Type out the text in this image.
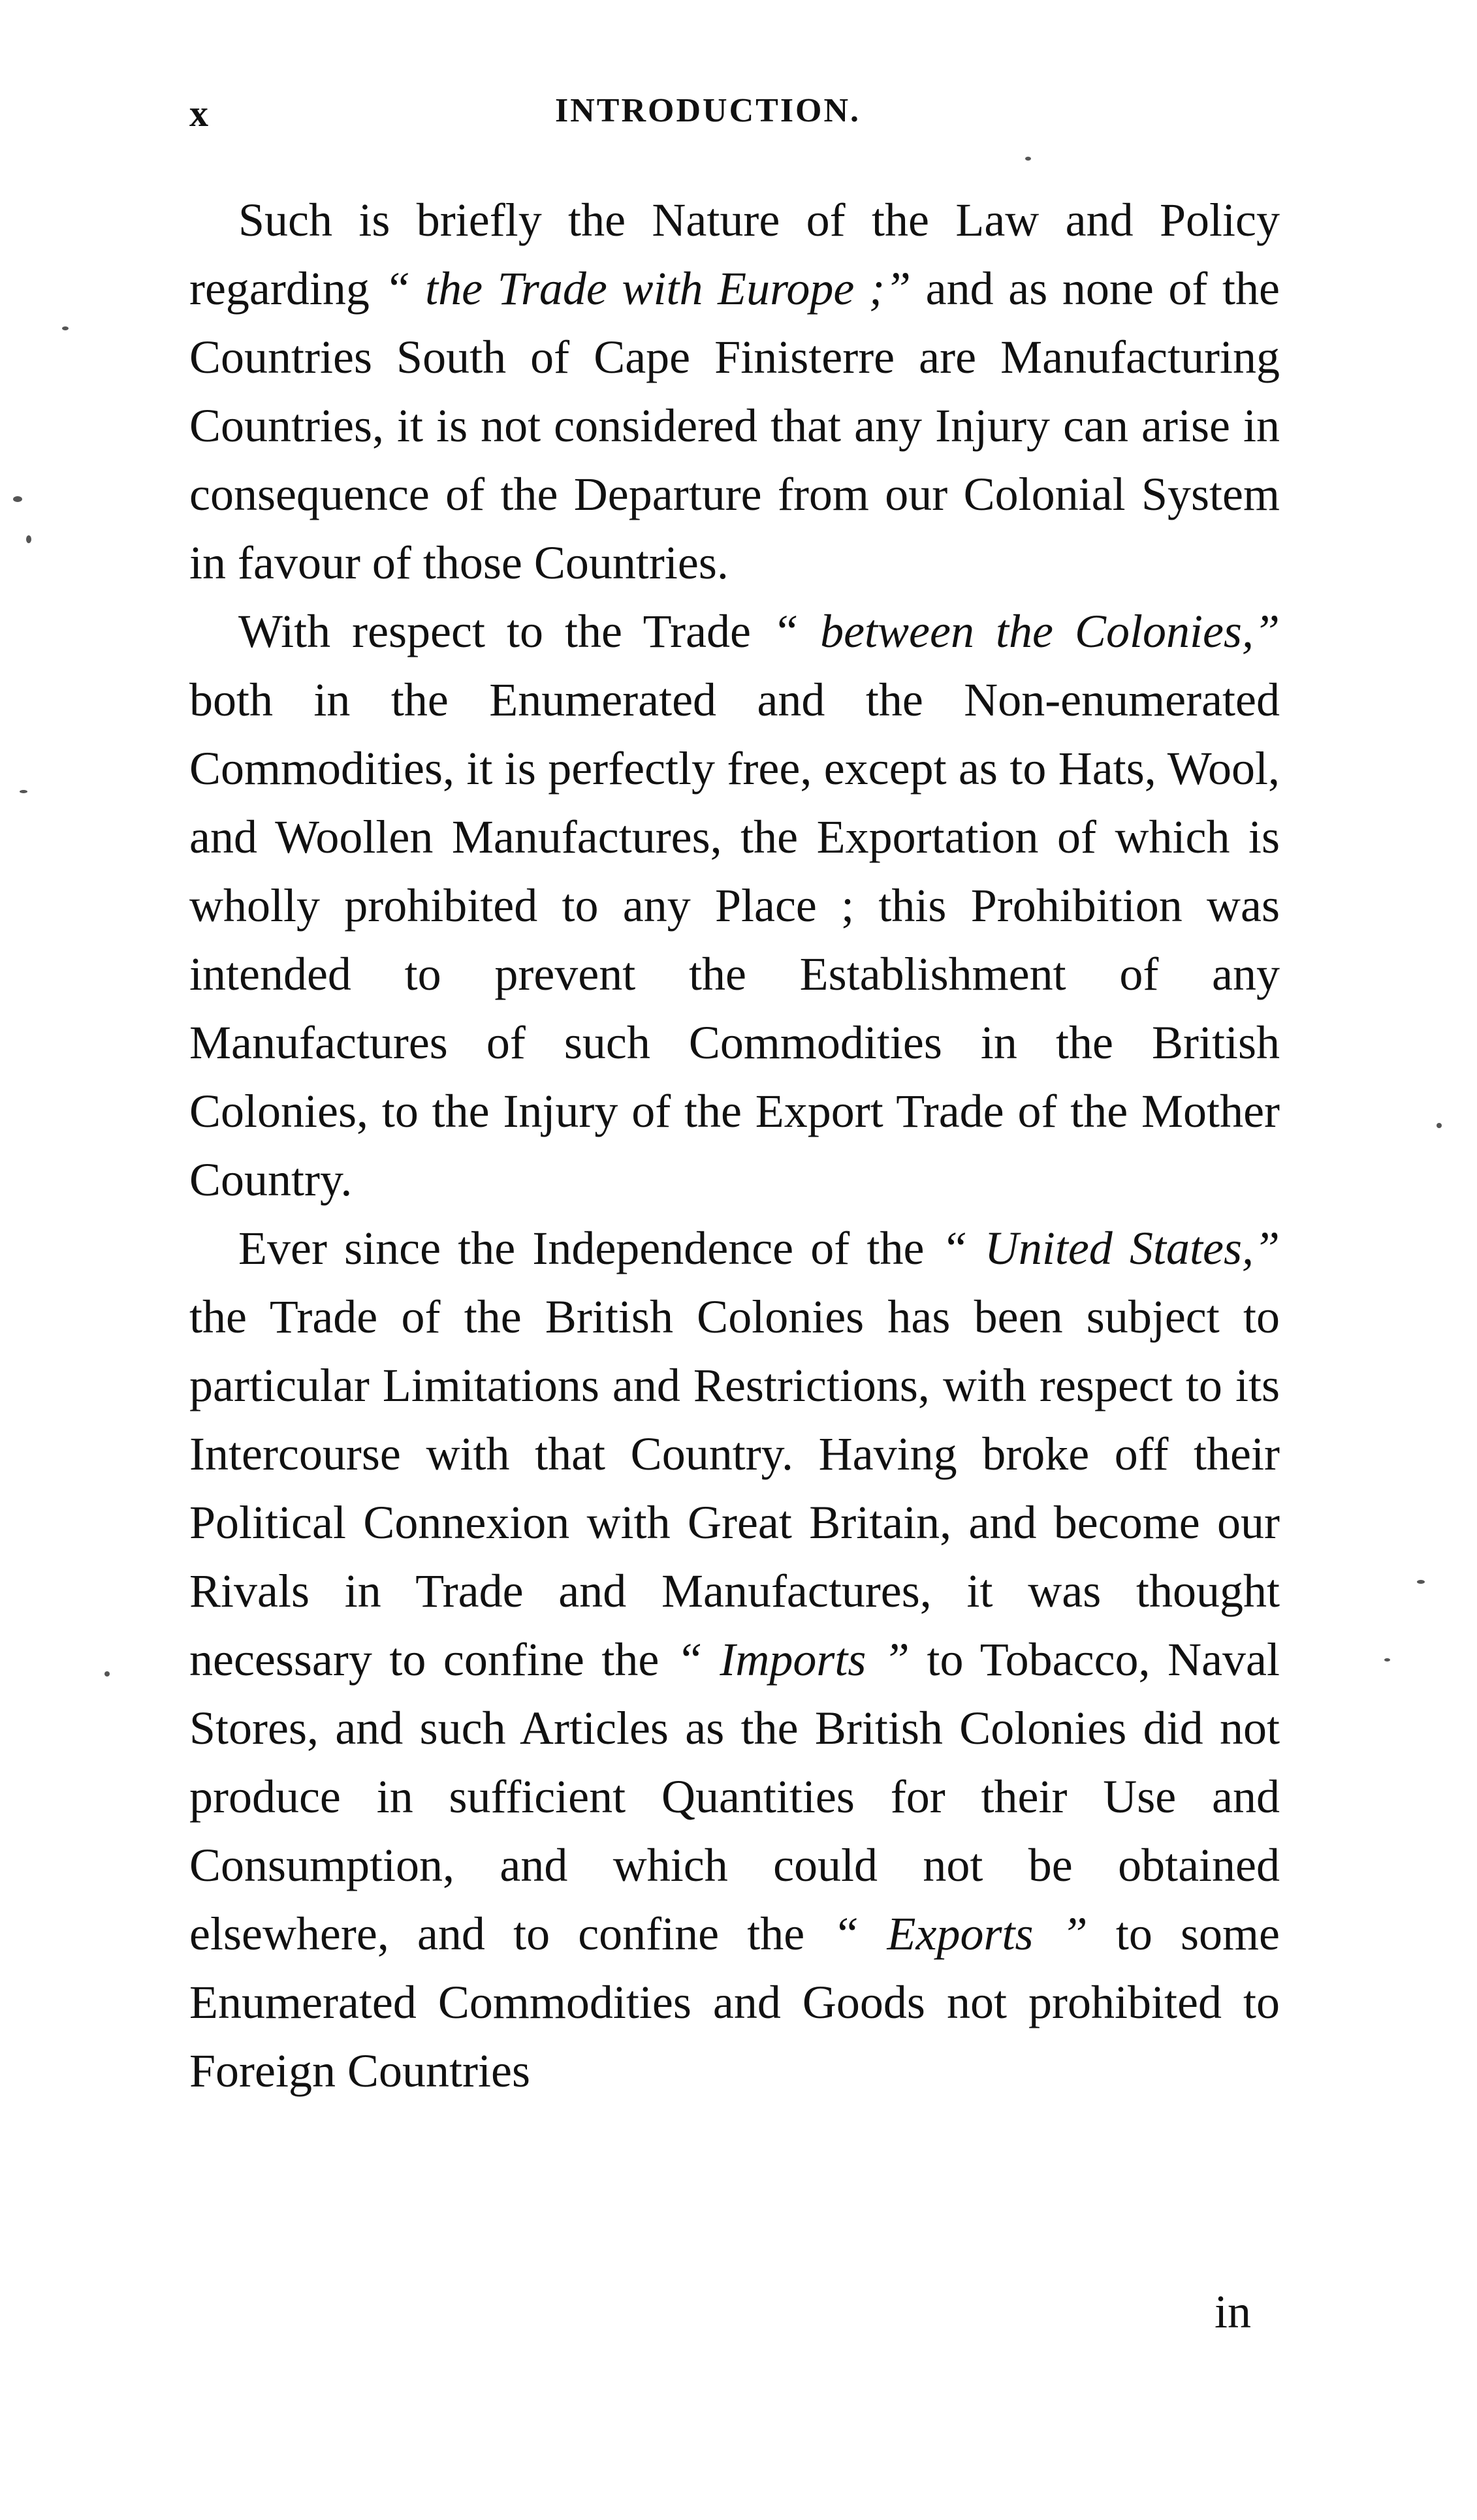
x	INTRODUCTION.

Such is briefly the Nature of the Law and Policy regarding “ the Trade with Europe ;” and as none of the Countries South of Cape Finisterre are Manufacturing Countries, it is not considered that any Injury can arise in consequence of the Departure from our Colonial System in favour of those Countries.

With respect to the Trade “ between the Colonies,” both in the Enumerated and the Non-enumerated Commodities, it is perfectly free, except as to Hats, Wool, and Woollen Manufactures, the Exportation of which is wholly prohibited to any Place ; this Prohibition was intended to prevent the Establishment of any Manufactures of such Commodities in the British Colonies, to the Injury of the Export Trade of the Mother Country.

Ever since the Independence of the “ United States,” the Trade of the British Colonies has been subject to particular Limitations and Restrictions, with respect to its Intercourse with that Country. Having broke off their Political Connexion with Great Britain, and become our Rivals in Trade and Manufactures, it was thought necessary to confine the “ Imports ” to Tobacco, Naval Stores, and such Articles as the British Colonies did not produce in sufficient Quantities for their Use and Consumption, and which could not be obtained elsewhere, and to confine the “ Exports ” to some Enumerated Commodities and Goods not prohibited to Foreign Countries

in
